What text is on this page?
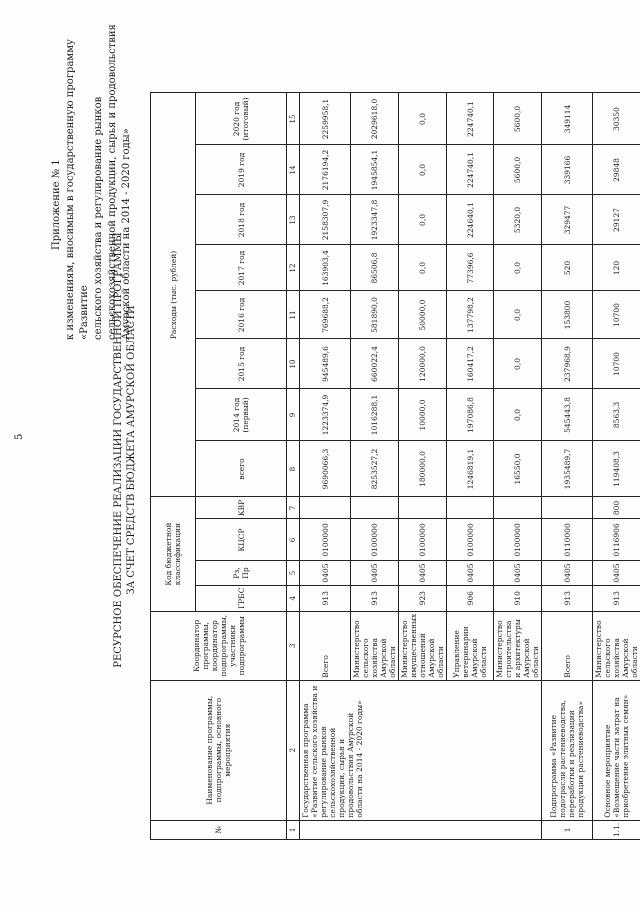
5
Приложение № 1 к изменениям, вносимым в государственную программу «Развитие сельского хозяйства и регулирование рынков сельскохозяйственной продукции, сырья и продовольствия Амурской области на 2014 - 2020 годы»
РЕСУРСНОЕ ОБЕСПЕЧЕНИЕ РЕАЛИЗАЦИИ ГОСУДАРСТВЕННОЙ ПРОГРАММЫ ЗА СЧЕТ СРЕДСТВ БЮДЖЕТА АМУРСКОЙ ОБЛАСТИ
№	Наименование программы, подпрограммы, основного мероприятия	Координатор программы, координатор подпрограммы, участники подпрограммы	Код бюджетной классификации				Расходы (тыс. рублей)							
			ГРБС	Рз, Пр	КЦСР	КВР	всего	2014 год (первый)	2015 год	2016 год	2017 год	2018 год	2019 год	2020 год (итоговый)
1	2	3	4	5	6	7	8	9	10	11	12	13	14	15
	Государственная программа «Развитие сельского хозяйства и регулирование рынков сельскохозяйственной продукции, сырья и продовольствия Амурской области на 2014 - 2020 годы»	Всего	913	0405	0100000		9690066,3	1223374,9	945489,6	769688,2	163903,4	2158307,9	2176194,2	2259958,1
		Министерство сельского хозяйства Амурской области	913	0405	0100000		8253527,2	1016288,1	660022,4	581890,0	86506,8	1923347,8	1945854,1	2029618,0
		Министерство имущественных отношений Амурской области	923	0405	0100000		180000,0	10000,0	120000,0	50000,0	0,0	0,0	0,0	0,0
		Управление ветеринарии Амурской области	906	0405	0100000		1246819,1	197086,8	160417,2	137798,2	77396,6	224640,1	224740,1	224740,1
		Министерство строительства и архитектуры Амурской области	910	0405	0100000		16550,0	0,0	0,0	0,0	0,0	5320,0	5600,0	5600,0
1	Подпрограмма «Развитие подотрасли растениеводства, переработки и реализации продукции растениеводства»	Всего	913	0405	0110000		1935489,7	545443,8	237968,9	153800	520	329477	339166	349114
1.1.	Основное мероприятие «Возмещение части затрат на приобретение элитных семян»	Министерство сельского хозяйства Амурской области	913	0405	0116906	800	119408,3	8563,3	10700	10700	120	29127	29848	30350
